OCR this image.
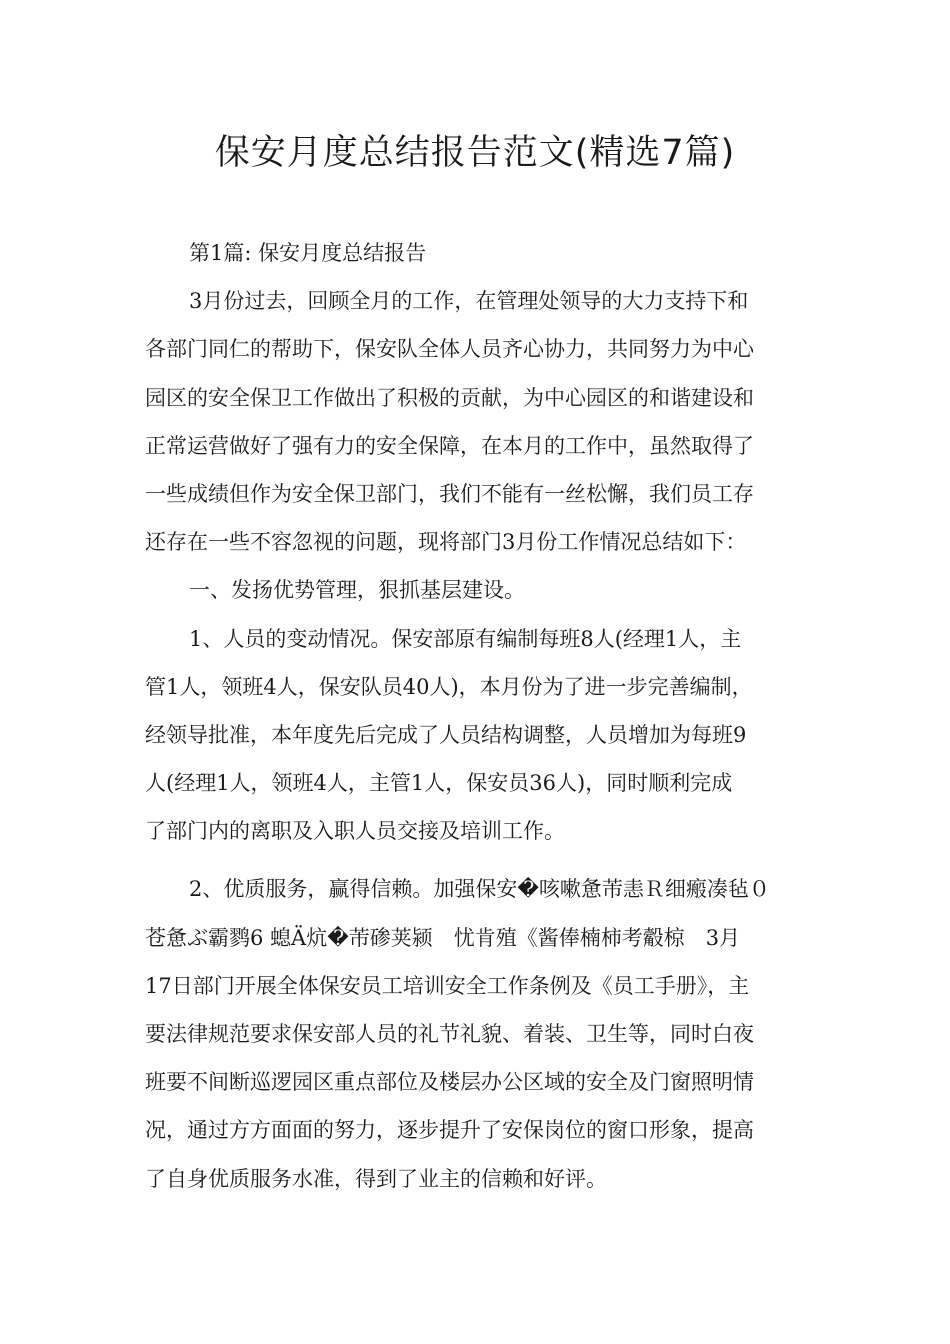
保安月度总结报告范文(精选7篇)
第1篇: 保安月度总结报告
3月份过去，回顾全月的工作，在管理处领导的大力支持下和
各部门同仁的帮助下，保安队全体人员齐心协力，共同努力为中心
园区的安全保卫工作做出了积极的贡献，为中心园区的和谐建设和
正常运营做好了强有力的安全保障，在本月的工作中，虽然取得了
一些成绩但作为安全保卫部门，我们不能有一丝松懈，我们员工存
还存在一些不容忽视的问题，现将部门3月份工作情况总结如下：
一、发扬优势管理，狠抓基层建设。
1、人员的变动情况。保安部原有编制每班8人(经理1人，主
管1人，领班4人，保安队员40人)，本月份为了进一步完善编制，
经领导批准，本年度先后完成了人员结构调整，人员增加为每班9
人(经理1人，领班4人，主管1人，保安员36人)，同时顺利完成
了部门内的离职及入职人员交接及培训工作。
2、优质服务，赢得信赖。加强保安�咳嗽惫芾恚Ｒ细瘢凑毡０
苍惫ぶ霸鹨6 螅Ä炕�芾碜荚颍　忧肯殖《酱俸楠柿考觳椋　3月
17日部门开展全体保安员工培训安全工作条例及《员工手册》，主
要法律规范要求保安部人员的礼节礼貌、着装、卫生等，同时白夜
班要不间断巡逻园区重点部位及楼层办公区域的安全及门窗照明情
况，通过方方面面的努力，逐步提升了安保岗位的窗口形象，提高
了自身优质服务水准，得到了业主的信赖和好评。
